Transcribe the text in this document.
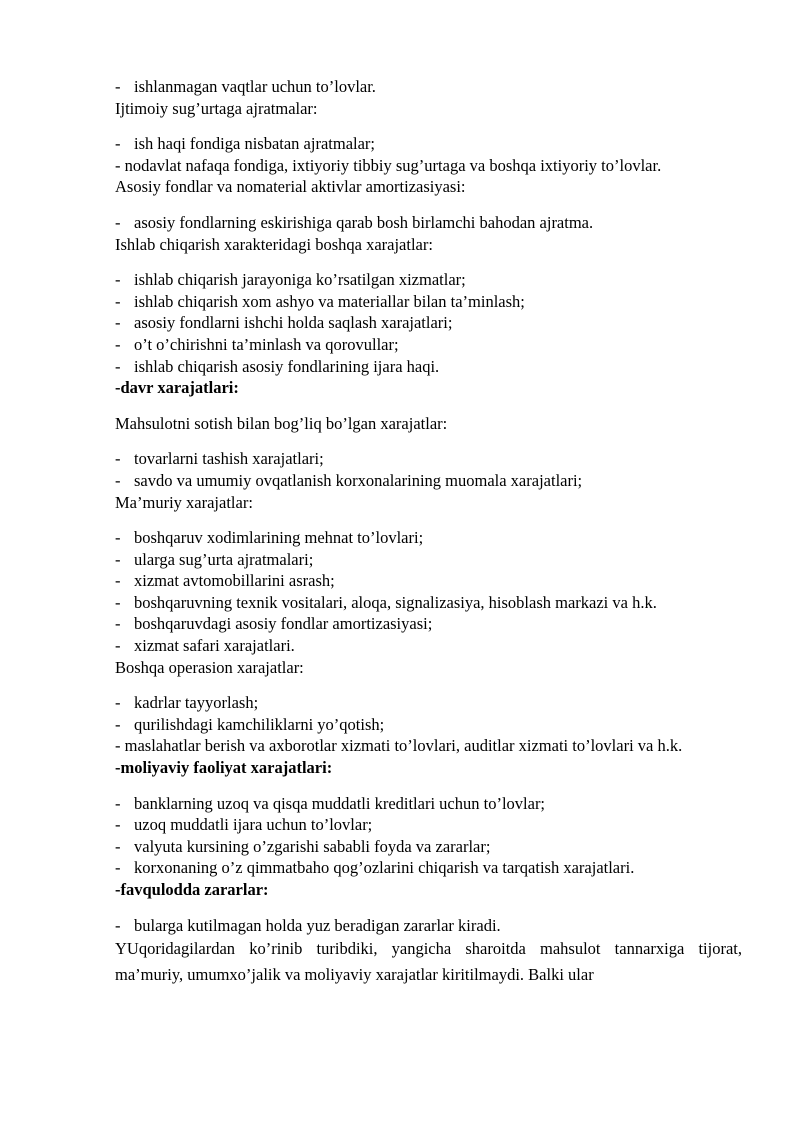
- ishlanmagan vaqtlar uchun to’lovlar.

Ijtimoiy sug’urtaga ajratmalar:

- ish haqi fondiga nisbatan ajratmalar;

- nodavlat nafaqa fondiga, ixtiyoriy tibbiy sug’urtaga va boshqa ixtiyoriy to’lovlar.

Asosiy fondlar va nomaterial aktivlar amortizasiyasi:

- asosiy fondlarning eskirishiga qarab bosh birlamchi bahodan ajratma.

Ishlab chiqarish xarakteridagi boshqa xarajatlar:

- ishlab chiqarish jarayoniga ko’rsatilgan xizmatlar;
- ishlab chiqarish xom ashyo va materiallar bilan ta’minlash;
- asosiy fondlarni ishchi holda saqlash xarajatlari;
- o’t o’chirishni ta’minlash va qorovullar;
- ishlab chiqarish asosiy fondlarining ijara haqi.

-davr xarajatlari:

Mahsulotni sotish bilan bog’liq bo’lgan xarajatlar:

- tovarlarni tashish xarajatlari;
- savdo va umumiy ovqatlanish korxonalarining muomala xarajatlari;

Ma’muriy xarajatlar:

- boshqaruv xodimlarining mehnat to’lovlari;
- ularga sug’urta ajratmalari;
- xizmat avtomobillarini asrash;
- boshqaruvning texnik vositalari, aloqa, signalizasiya, hisoblash markazi va h.k.
- boshqaruvdagi asosiy fondlar amortizasiyasi;
- xizmat safari xarajatlari.

Boshqa operasion xarajatlar:

- kadrlar tayyorlash;
- qurilishdagi kamchiliklarni yo’qotish;

- maslahatlar berish va axborotlar xizmati to’lovlari, auditlar xizmati to’lovlari va h.k.

-moliyaviy faoliyat xarajatlari:

- banklarning uzoq va qisqa muddatli kreditlari uchun to’lovlar;
- uzoq muddatli ijara uchun to’lovlar;
- valyuta kursining o’zgarishi sababli foyda va zararlar;
- korxonaning o’z qimmatbaho qog’ozlarini chiqarish va tarqatish xarajatlari.

-favqulodda zararlar:

- bularga kutilmagan holda yuz beradigan zararlar kiradi.

YUqoridagilardan ko’rinib turibdiki, yangicha sharoitda mahsulot tannarxiga tijorat, ma’muriy, umumxo’jalik va moliyaviy xarajatlar kiritilmaydi. Balki ular
